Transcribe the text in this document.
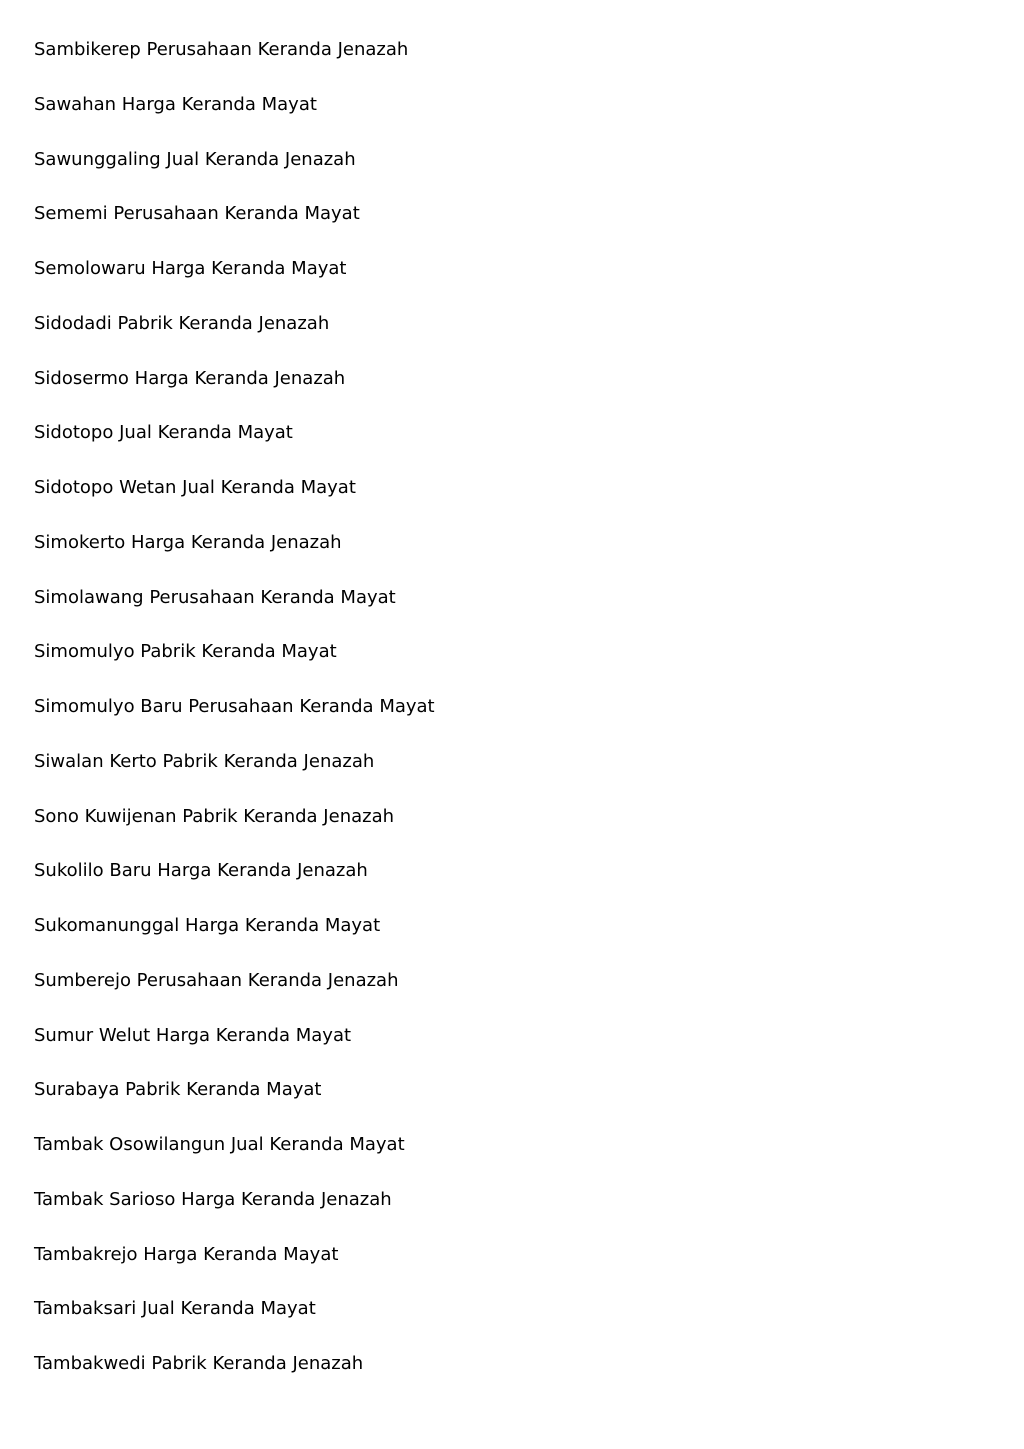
Sambikerep Perusahaan Keranda Jenazah
Sawahan Harga Keranda Mayat
Sawunggaling Jual Keranda Jenazah
Sememi Perusahaan Keranda Mayat
Semolowaru Harga Keranda Mayat
Sidodadi Pabrik Keranda Jenazah
Sidosermo Harga Keranda Jenazah
Sidotopo Jual Keranda Mayat
Sidotopo Wetan Jual Keranda Mayat
Simokerto Harga Keranda Jenazah
Simolawang Perusahaan Keranda Mayat
Simomulyo Pabrik Keranda Mayat
Simomulyo Baru Perusahaan Keranda Mayat
Siwalan Kerto Pabrik Keranda Jenazah
Sono Kuwijenan Pabrik Keranda Jenazah
Sukolilo Baru Harga Keranda Jenazah
Sukomanunggal Harga Keranda Mayat
Sumberejo Perusahaan Keranda Jenazah
Sumur Welut Harga Keranda Mayat
Surabaya Pabrik Keranda Mayat
Tambak Osowilangun Jual Keranda Mayat
Tambak Sarioso Harga Keranda Jenazah
Tambakrejo Harga Keranda Mayat
Tambaksari Jual Keranda Mayat
Tambakwedi Pabrik Keranda Jenazah
